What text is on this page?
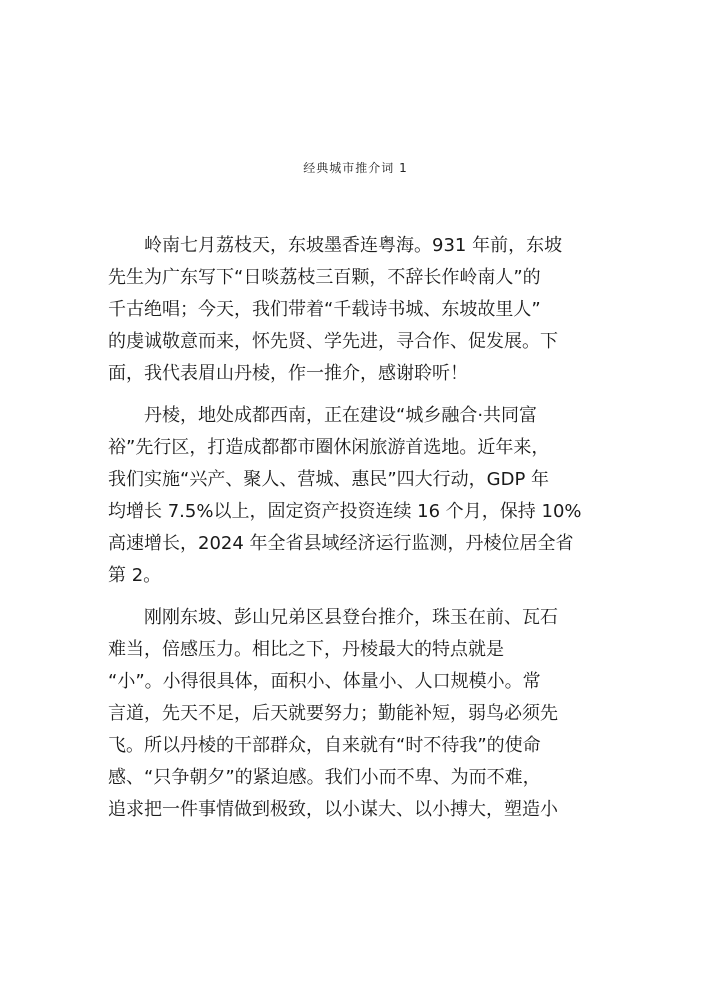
经典城市推介词 1
岭南七月荔枝天，东坡墨香连粤海。931 年前，东坡
先生为广东写下“日啖荔枝三百颗，不辞长作岭南人”的
千古绝唱；今天，我们带着“千载诗书城、东坡故里人”
的虔诚敬意而来，怀先贤、学先进，寻合作、促发展。下
面，我代表眉山丹棱，作一推介，感谢聆听！
丹棱，地处成都西南，正在建设“城乡融合·共同富
裕”先行区，打造成都都市圈休闲旅游首选地。近年来，
我们实施“兴产、聚人、营城、惠民”四大行动，GDP 年
均增长 7.5%以上，固定资产投资连续 16 个月，保持 10%
高速增长，2024 年全省县域经济运行监测，丹棱位居全省
第 2。
刚刚东坡、彭山兄弟区县登台推介，珠玉在前、瓦石
难当，倍感压力。相比之下，丹棱最大的特点就是
“小”。小得很具体，面积小、体量小、人口规模小。常
言道，先天不足，后天就要努力；勤能补短，弱鸟必须先
飞。所以丹棱的干部群众，自来就有“时不待我”的使命
感、“只争朝夕”的紧迫感。我们小而不卑、为而不难，
追求把一件事情做到极致，以小谋大、以小搏大，塑造小
